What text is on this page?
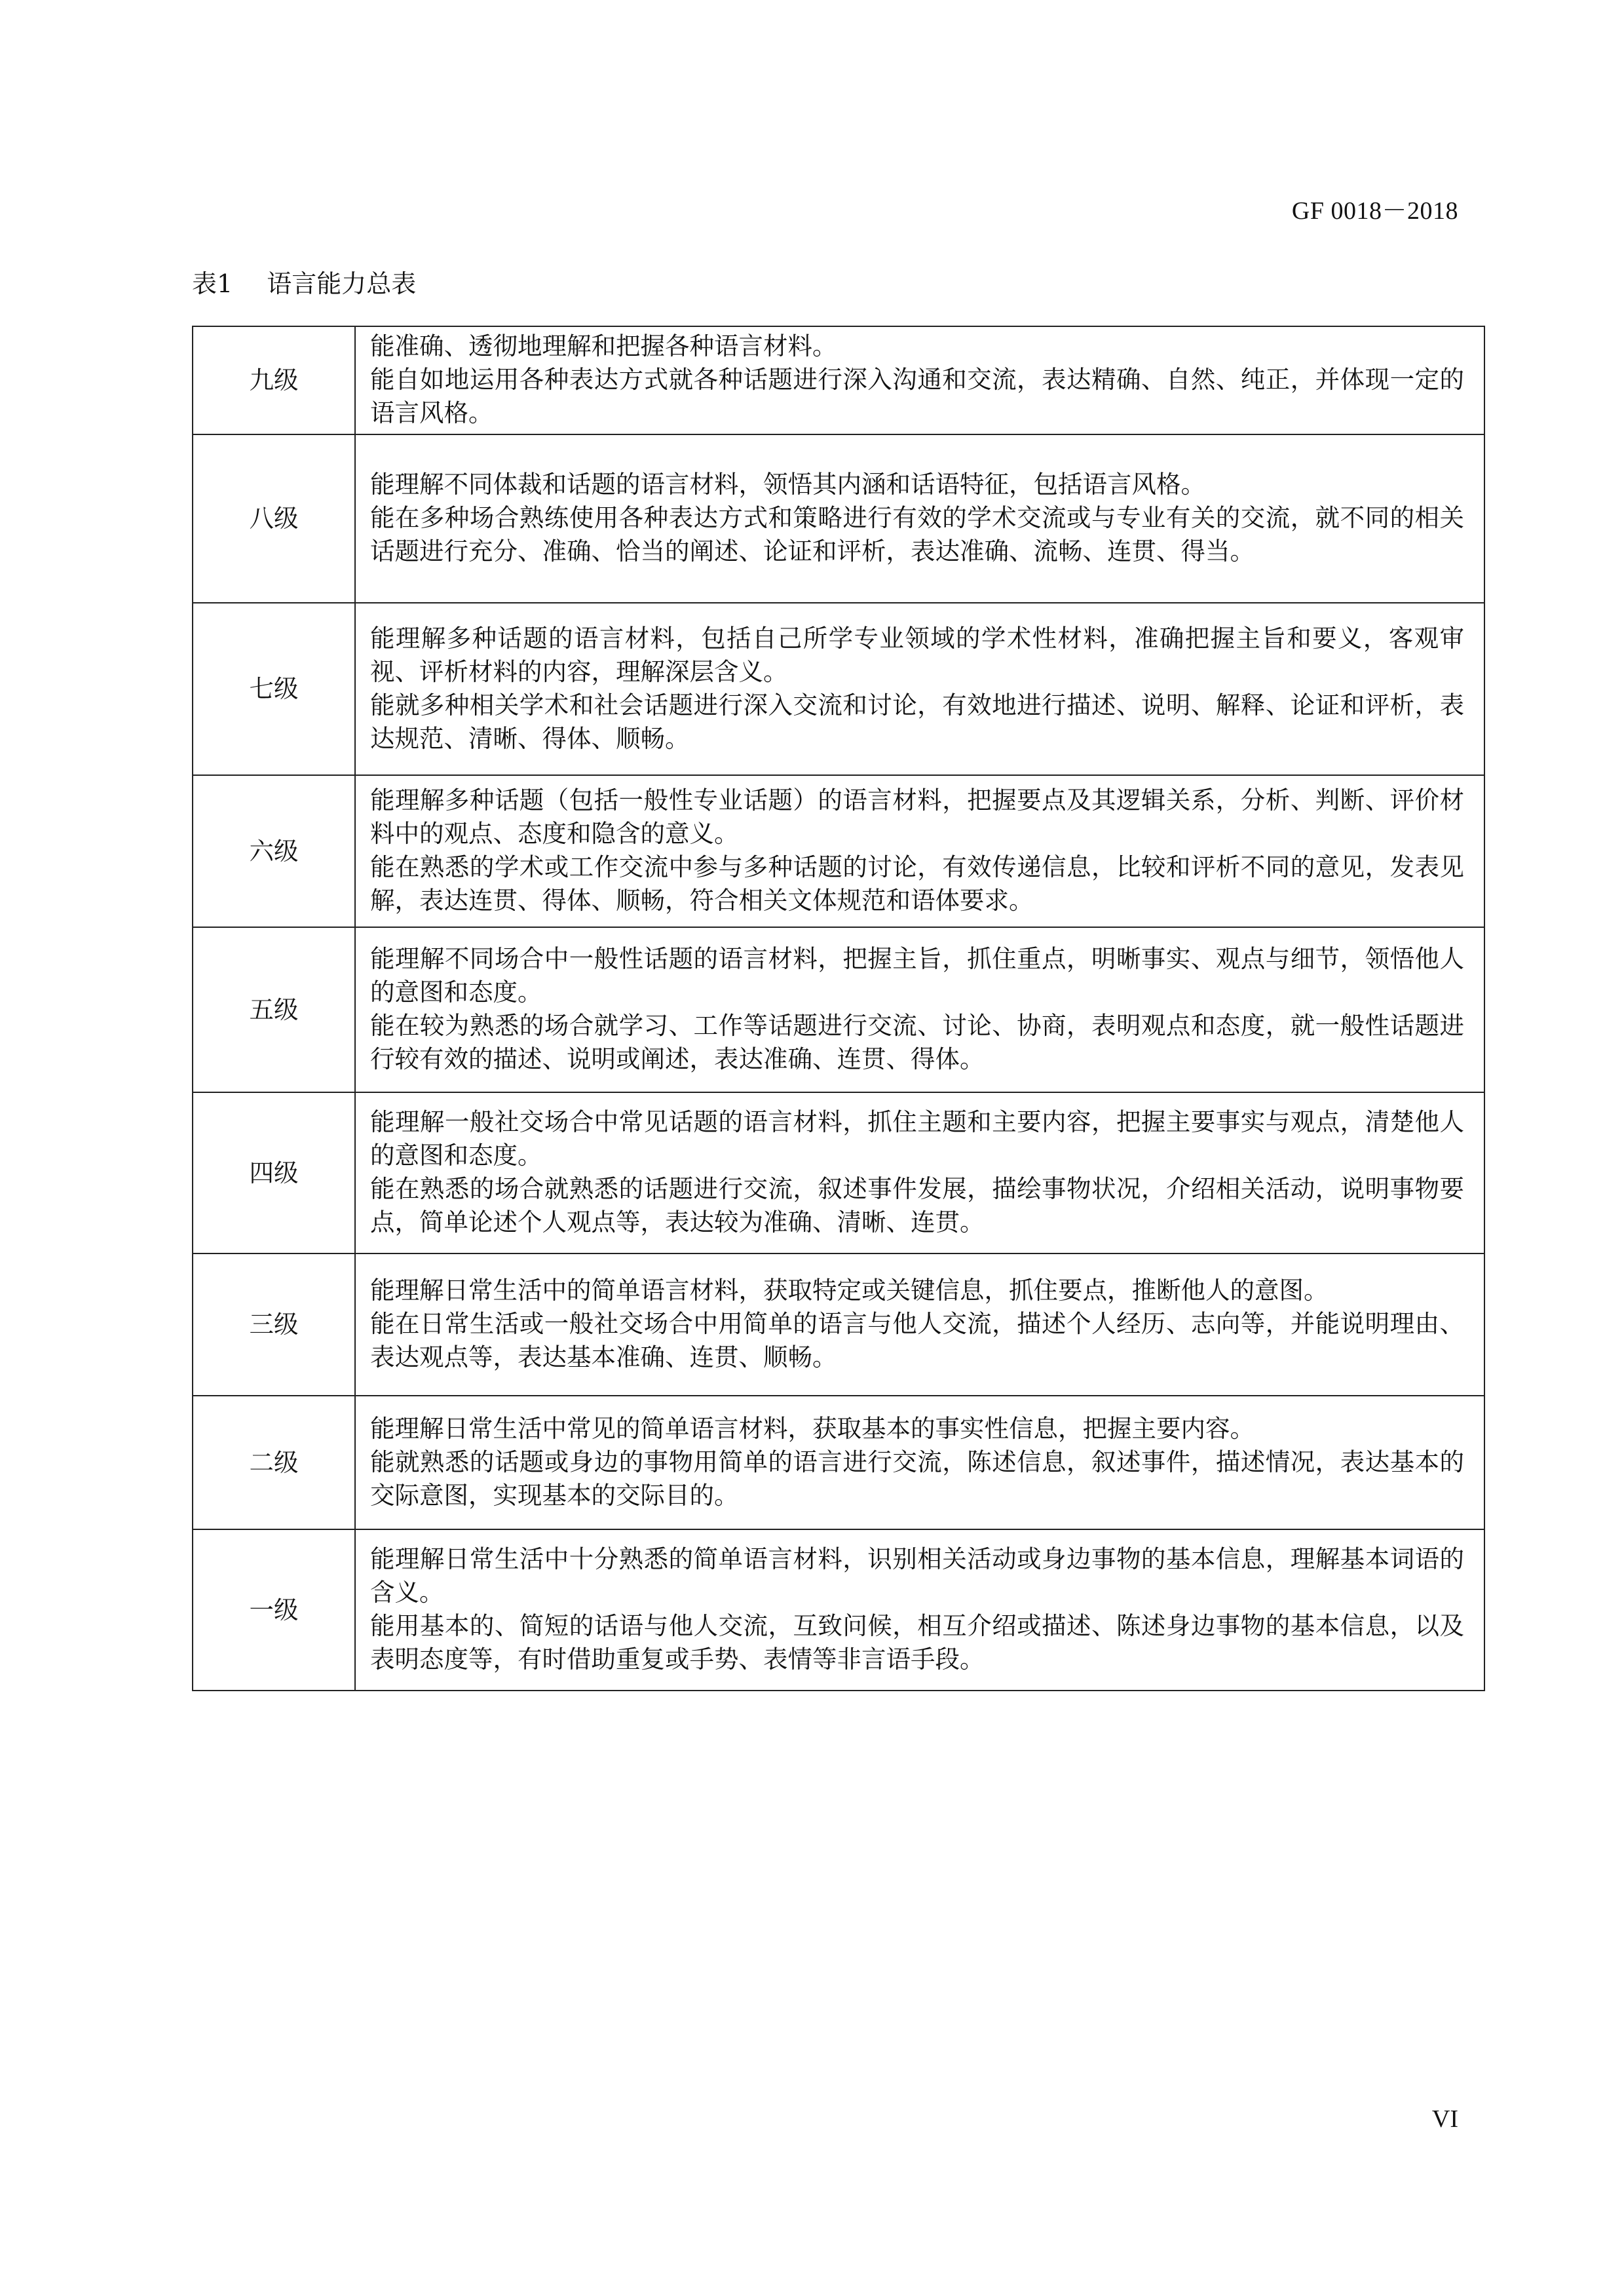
GF 0018－2018
表1 语言能力总表
九级	能准确、透彻地理解和把握各种语言材料。

能自如地运用各种表达方式就各种话题进行深入沟通和交流，表达精确、自然、纯正，并体现一定的语言风格。

八级	能理解不同体裁和话题的语言材料，领悟其内涵和话语特征，包括语言风格。

能在多种场合熟练使用各种表达方式和策略进行有效的学术交流或与专业有关的交流，就不同的相关话题进行充分、准确、恰当的阐述、论证和评析，表达准确、流畅、连贯、得当。

七级	能理解多种话题的语言材料，包括自己所学专业领域的学术性材料，准确把握主旨和要义，客观审视、评析材料的内容，理解深层含义。

能就多种相关学术和社会话题进行深入交流和讨论，有效地进行描述、说明、解释、论证和评析，表达规范、清晰、得体、顺畅。

六级	能理解多种话题（包括一般性专业话题）的语言材料，把握要点及其逻辑关系，分析、判断、评价材料中的观点、态度和隐含的意义。

能在熟悉的学术或工作交流中参与多种话题的讨论，有效传递信息，比较和评析不同的意见，发表见解，表达连贯、得体、顺畅，符合相关文体规范和语体要求。

五级	能理解不同场合中一般性话题的语言材料，把握主旨，抓住重点，明晰事实、观点与细节，领悟他人的意图和态度。

能在较为熟悉的场合就学习、工作等话题进行交流、讨论、协商，表明观点和态度，就一般性话题进行较有效的描述、说明或阐述，表达准确、连贯、得体。

四级	能理解一般社交场合中常见话题的语言材料，抓住主题和主要内容，把握主要事实与观点，清楚他人的意图和态度。

能在熟悉的场合就熟悉的话题进行交流，叙述事件发展，描绘事物状况，介绍相关活动，说明事物要点，简单论述个人观点等，表达较为准确、清晰、连贯。

三级	能理解日常生活中的简单语言材料，获取特定或关键信息，抓住要点，推断他人的意图。

能在日常生活或一般社交场合中用简单的语言与他人交流，描述个人经历、志向等，并能说明理由、表达观点等，表达基本准确、连贯、顺畅。

二级	能理解日常生活中常见的简单语言材料，获取基本的事实性信息，把握主要内容。

能就熟悉的话题或身边的事物用简单的语言进行交流，陈述信息，叙述事件，描述情况，表达基本的交际意图，实现基本的交际目的。

一级	能理解日常生活中十分熟悉的简单语言材料，识别相关活动或身边事物的基本信息，理解基本词语的含义。

能用基本的、简短的话语与他人交流，互致问候，相互介绍或描述、陈述身边事物的基本信息，以及表明态度等，有时借助重复或手势、表情等非言语手段。

VI
